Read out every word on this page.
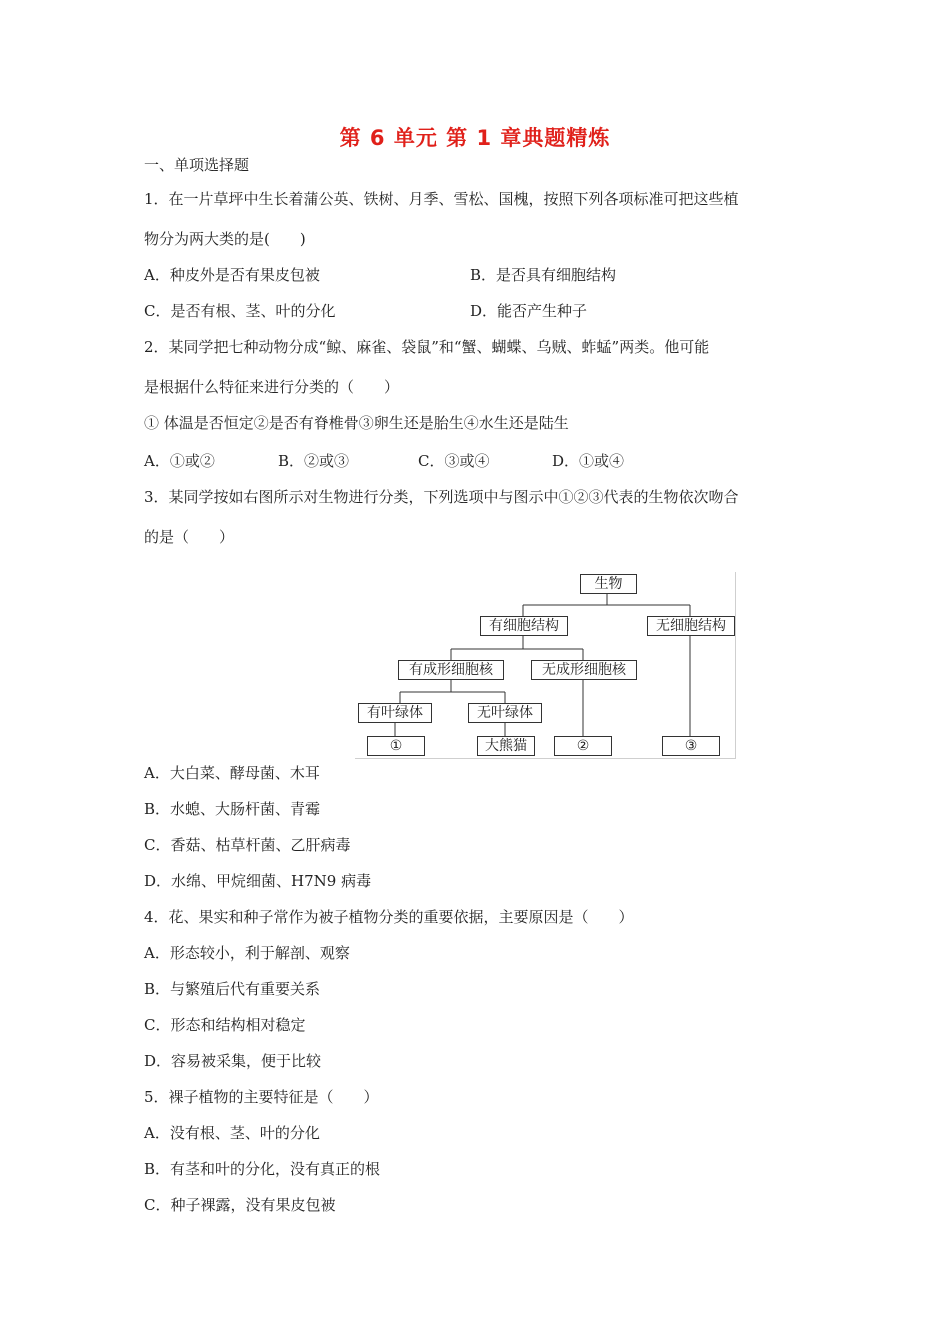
第 6 单元 第 1 章典题精炼
一、单项选择题
1．在一片草坪中生长着蒲公英、铁树、月季、雪松、国槐，按照下列各项标准可把这些植
物分为两大类的是(　　)
A．种皮外是否有果皮包被	B．是否具有细胞结构
C．是否有根、茎、叶的分化	D．能否产生种子
2．某同学把七种动物分成“鲸、麻雀、袋鼠”和“蟹、蝴蝶、乌贼、蚱蜢”两类。他可能
是根据什么特征来进行分类的（　　）
① 体温是否恒定②是否有脊椎骨③卵生还是胎生④水生还是陆生
A．①或②	B．②或③	C．③或④	D．①或④
3．某同学按如右图所示对生物进行分类，下列选项中与图示中①②③代表的生物依次吻合
的是（　　）
生物
有细胞结构	无细胞结构
有成形细胞核	无成形细胞核
有叶绿体	无叶绿体
①	大熊猫	②	③
A．大白菜、酵母菌、木耳
B．水螅、大肠杆菌、青霉
C．香菇、枯草杆菌、乙肝病毒
D．水绵、甲烷细菌、H7N9 病毒
4．花、果实和种子常作为被子植物分类的重要依据，主要原因是（　　）
A．形态较小，利于解剖、观察
B．与繁殖后代有重要关系
C．形态和结构相对稳定
D．容易被采集，便于比较
5．裸子植物的主要特征是（　　）
A．没有根、茎、叶的分化
B．有茎和叶的分化，没有真正的根
C．种子裸露，没有果皮包被
